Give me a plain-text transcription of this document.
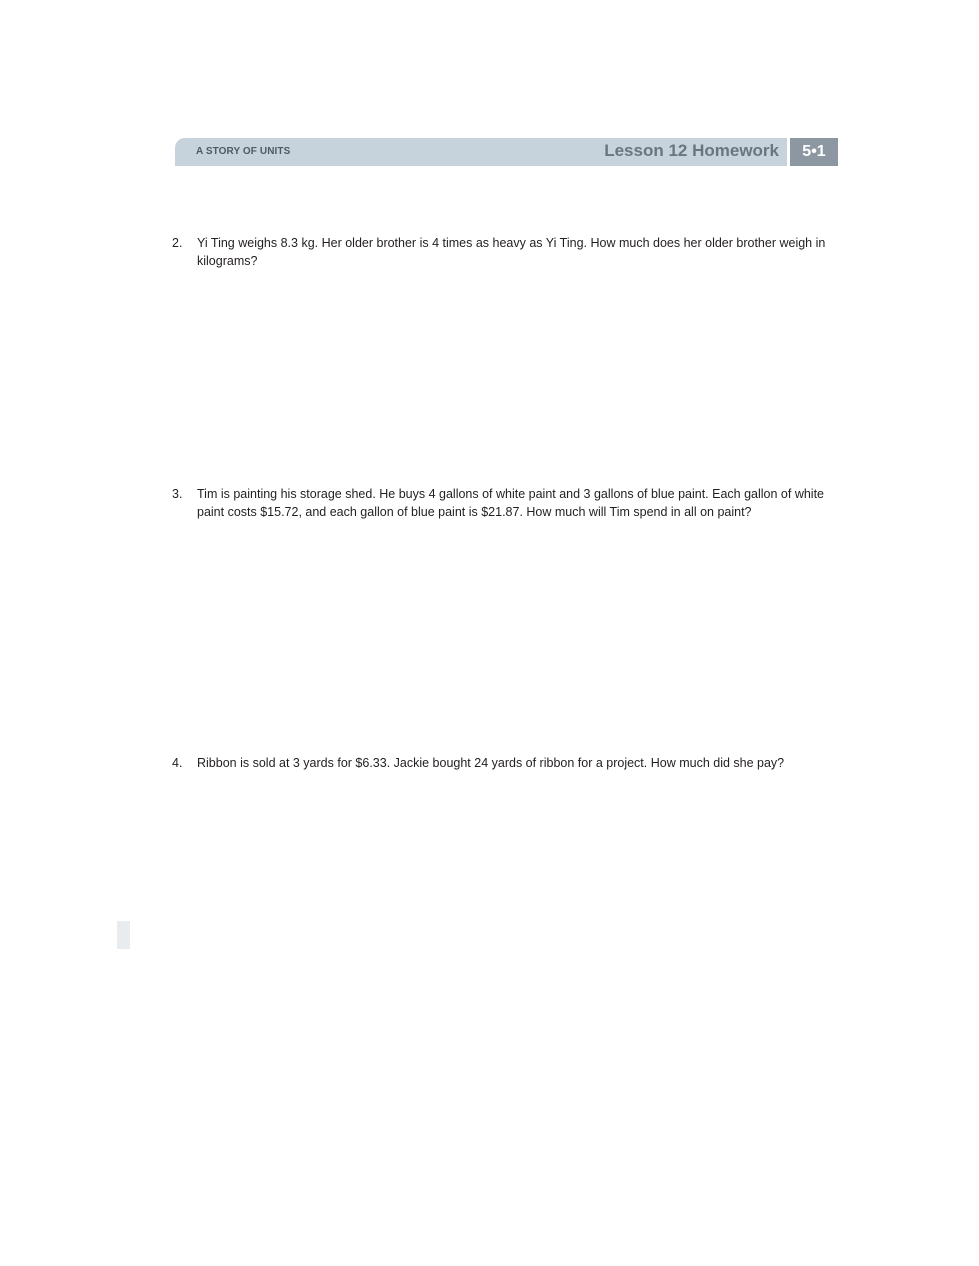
A STORY OF UNITS	Lesson 12 Homework	5•1
2. Yi Ting weighs 8.3 kg. Her older brother is 4 times as heavy as Yi Ting. How much does her older brother weigh in kilograms?
3. Tim is painting his storage shed. He buys 4 gallons of white paint and 3 gallons of blue paint. Each gallon of white paint costs $15.72, and each gallon of blue paint is $21.87. How much will Tim spend in all on paint?
4. Ribbon is sold at 3 yards for $6.33. Jackie bought 24 yards of ribbon for a project. How much did she pay?
